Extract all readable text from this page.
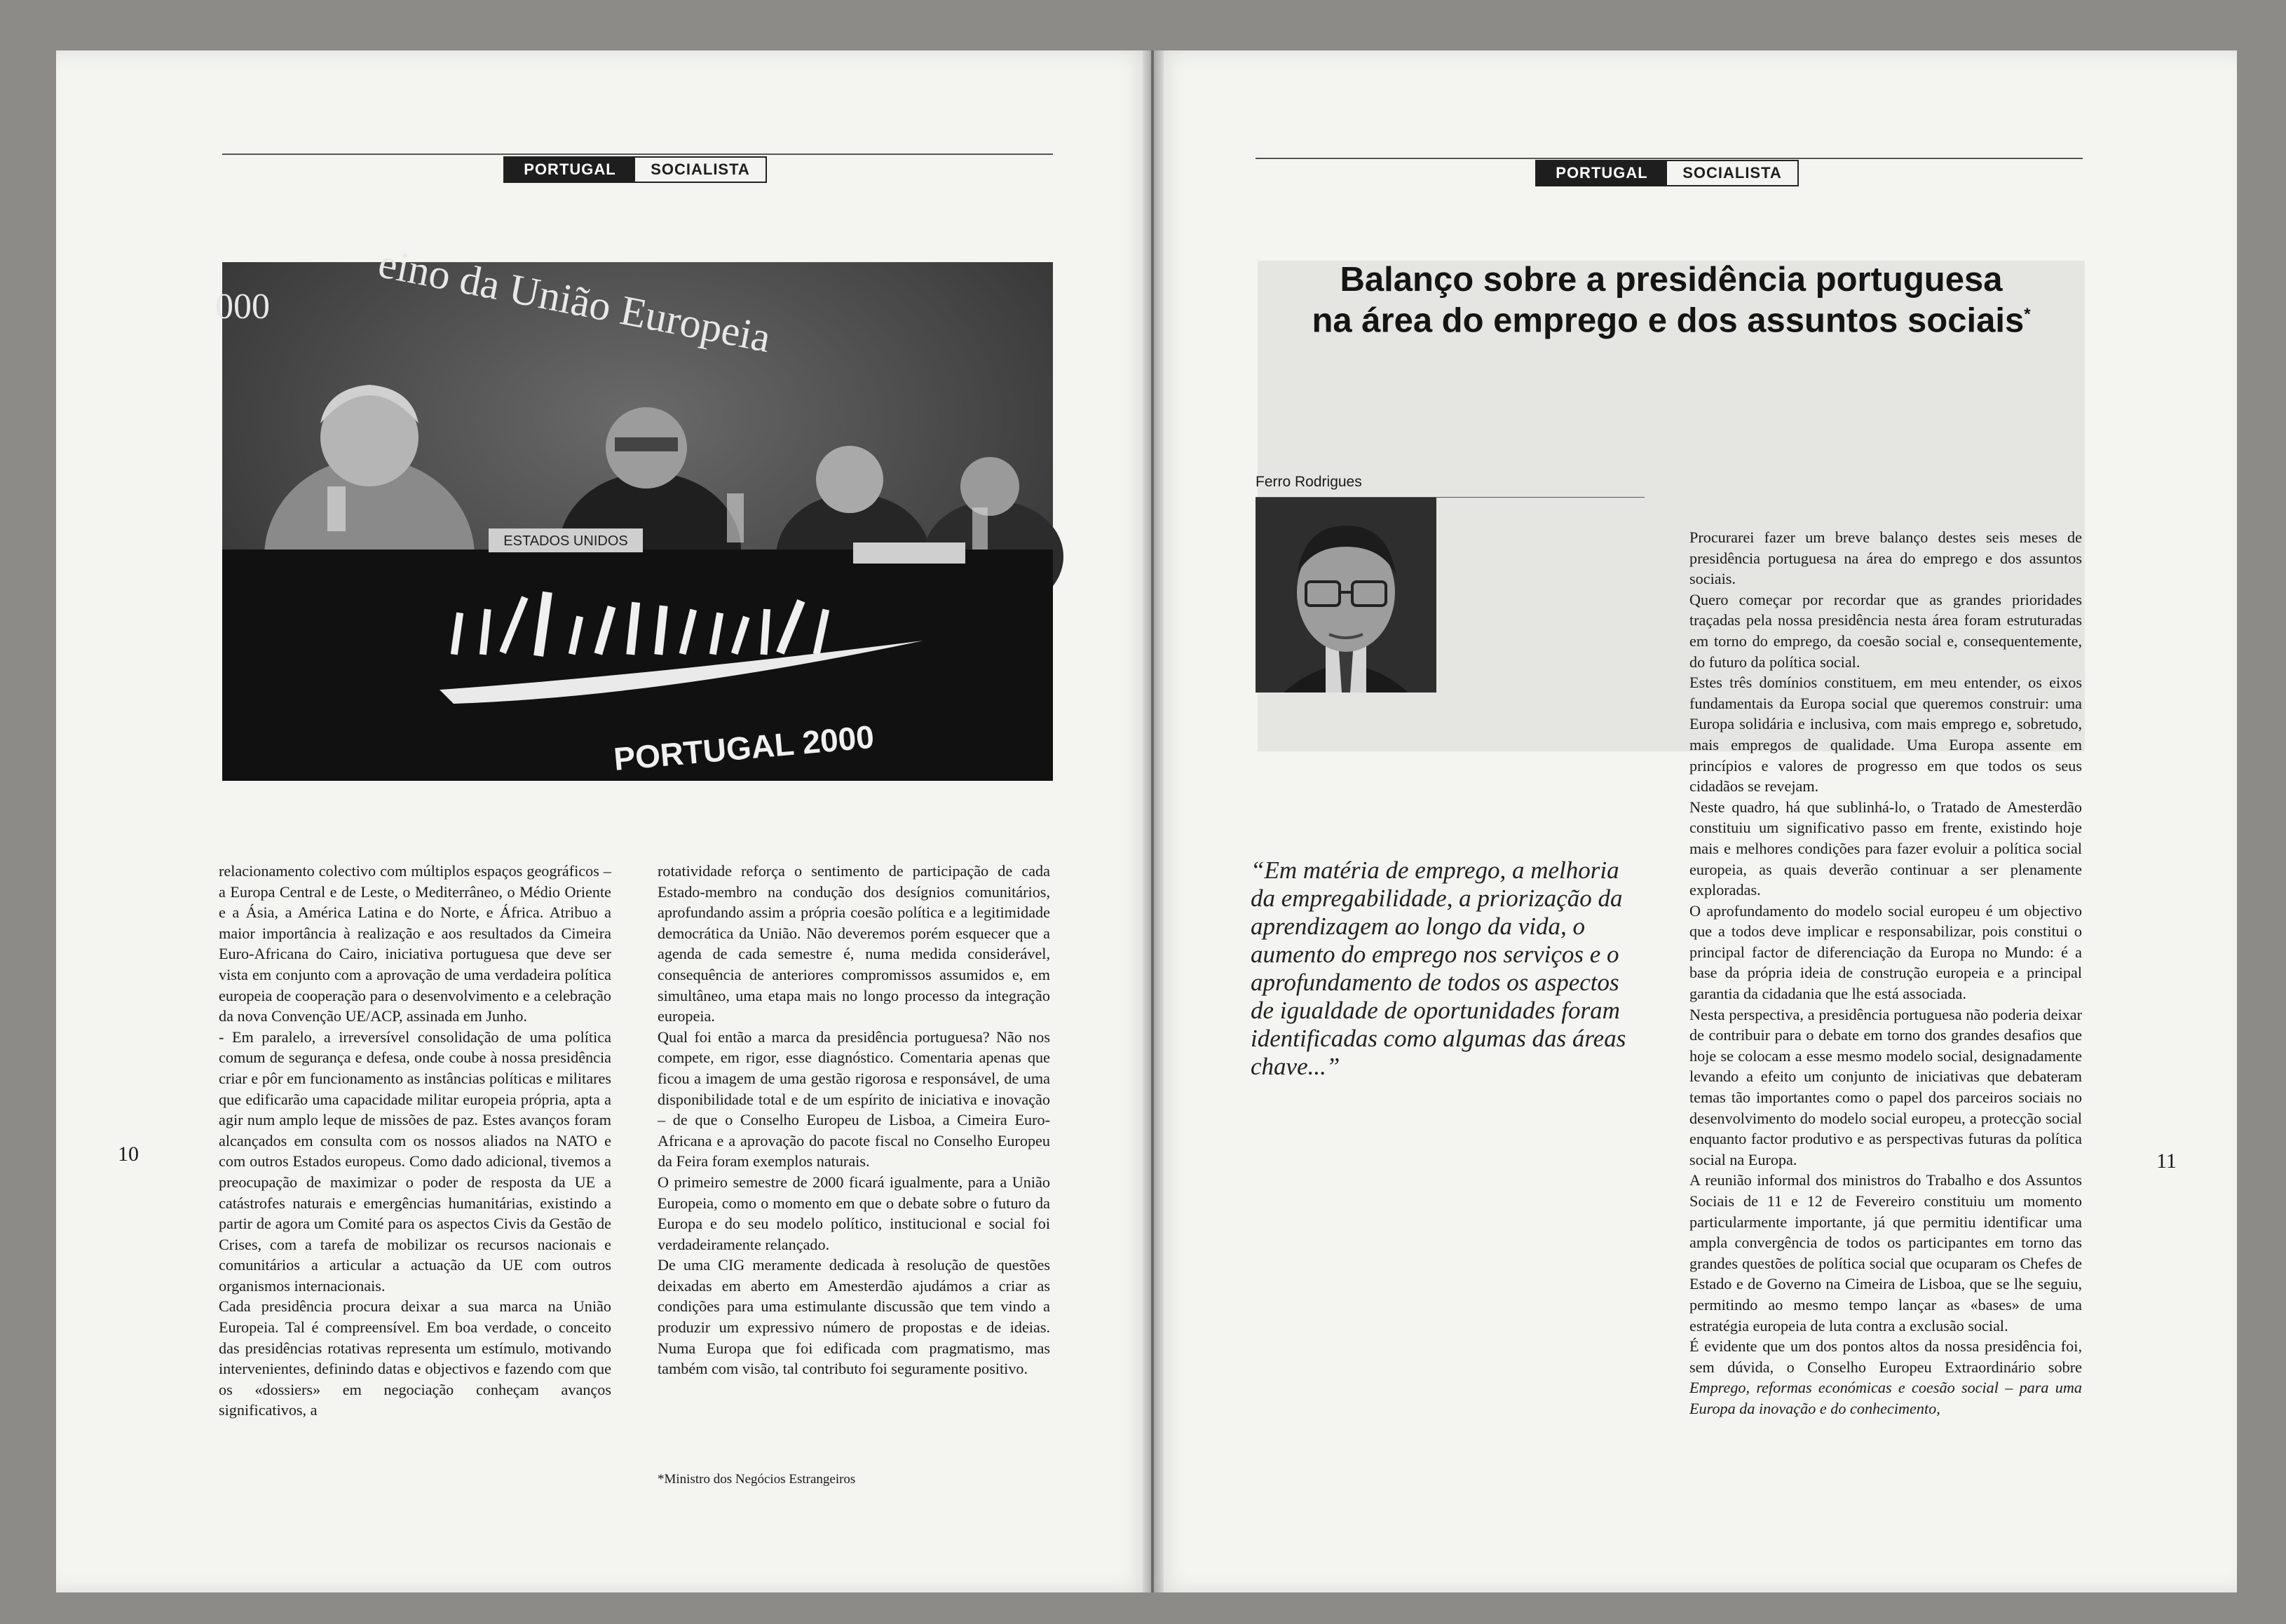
PORTUGAL	SOCIALISTA
000 eino da União Europeia
ESTADOS UNIDOS
PORTUGAL 2000

relacionamento colectivo com múltiplos espaços geográficos – a Europa Central e de Leste, o Mediterrâneo, o Médio Oriente e a Ásia, a América Latina e do Norte, e África. Atribuo a maior importância à realização e aos resultados da Cimeira Euro-Africana do Cairo, iniciativa portuguesa que deve ser vista em conjunto com a aprovação de uma verdadeira política europeia de cooperação para o desenvolvimento e a celebração da nova Convenção UE/ACP, assinada em Junho.

- Em paralelo, a irreversível consolidação de uma política comum de segurança e defesa, onde coube à nossa presidência criar e pôr em funcionamento as instâncias políticas e militares que edificarão uma capacidade militar europeia própria, apta a agir num amplo leque de missões de paz. Estes avanços foram alcançados em consulta com os nossos aliados na NATO e com outros Estados europeus. Como dado adicional, tivemos a preocupação de maximizar o poder de resposta da UE a catástrofes naturais e emergências humanitárias, existindo a partir de agora um Comité para os aspectos Civis da Gestão de Crises, com a tarefa de mobilizar os recursos nacionais e comunitários a articular a actuação da UE com outros organismos internacionais.

Cada presidência procura deixar a sua marca na União Europeia. Tal é compreensível. Em boa verdade, o conceito das presidências rotativas representa um estímulo, motivando intervenientes, definindo datas e objectivos e fazendo com que os «dossiers» em negociação conheçam avanços significativos, a

rotatividade reforça o sentimento de participação de cada Estado-membro na condução dos desígnios comunitários, aprofundando assim a própria coesão política e a legitimidade democrática da União. Não deveremos porém esquecer que a agenda de cada semestre é, numa medida considerável, consequência de anteriores compromissos assumidos e, em simultâneo, uma etapa mais no longo processo da integração europeia.

Qual foi então a marca da presidência portuguesa? Não nos compete, em rigor, esse diagnóstico. Comentaria apenas que ficou a imagem de uma gestão rigorosa e responsável, de uma disponibilidade total e de um espírito de iniciativa e inovação – de que o Conselho Europeu de Lisboa, a Cimeira Euro-Africana e a aprovação do pacote fiscal no Conselho Europeu da Feira foram exemplos naturais.

O primeiro semestre de 2000 ficará igualmente, para a União Europeia, como o momento em que o debate sobre o futuro da Europa e do seu modelo político, institucional e social foi verdadeiramente relançado.

De uma CIG meramente dedicada à resolução de questões deixadas em aberto em Amesterdão ajudámos a criar as condições para uma estimulante discussão que tem vindo a produzir um expressivo número de propostas e de ideias. Numa Europa que foi edificada com pragmatismo, mas também com visão, tal contributo foi seguramente positivo.

*Ministro dos Negócios Estrangeiros
10
PORTUGAL	SOCIALISTA
Balanço sobre a presidência portuguesa
na área do emprego e dos assuntos sociais*
Ferro Rodrigues
“Em matéria de emprego, a melhoria da empregabilidade, a priorização da aprendizagem ao longo da vida, o aumento do emprego nos serviços e o aprofundamento de todos os aspectos de igualdade de oportunidades foram identificadas como algumas das áreas chave...”

Procurarei fazer um breve balanço destes seis meses de presidência portuguesa na área do emprego e dos assuntos sociais.

Quero começar por recordar que as grandes prioridades traçadas pela nossa presidência nesta área foram estruturadas em torno do emprego, da coesão social e, consequentemente, do futuro da política social.

Estes três domínios constituem, em meu entender, os eixos fundamentais da Europa social que queremos construir: uma Europa solidária e inclusiva, com mais emprego e, sobretudo, mais empregos de qualidade. Uma Europa assente em princípios e valores de progresso em que todos os seus cidadãos se revejam.

Neste quadro, há que sublinhá-lo, o Tratado de Amesterdão constituiu um significativo passo em frente, existindo hoje mais e melhores condições para fazer evoluir a política social europeia, as quais deverão continuar a ser plenamente exploradas.

O aprofundamento do modelo social europeu é um objectivo que a todos deve implicar e responsabilizar, pois constitui o principal factor de diferenciação da Europa no Mundo: é a base da própria ideia de construção europeia e a principal garantia da cidadania que lhe está associada.

Nesta perspectiva, a presidência portuguesa não poderia deixar de contribuir para o debate em torno dos grandes desafios que hoje se colocam a esse mesmo modelo social, designadamente levando a efeito um conjunto de iniciativas que debateram temas tão importantes como o papel dos parceiros sociais no desenvolvimento do modelo social europeu, a protecção social enquanto factor produtivo e as perspectivas futuras da política social na Europa.

A reunião informal dos ministros do Trabalho e dos Assuntos Sociais de 11 e 12 de Fevereiro constituiu um momento particularmente importante, já que permitiu identificar uma ampla convergência de todos os participantes em torno das grandes questões de política social que ocuparam os Chefes de Estado e de Governo na Cimeira de Lisboa, que se lhe seguiu, permitindo ao mesmo tempo lançar as «bases» de uma estratégia europeia de luta contra a exclusão social.

É evidente que um dos pontos altos da nossa presidência foi, sem dúvida, o Conselho Europeu Extraordinário sobre Emprego, reformas económicas e coesão social – para uma Europa da inovação e do conhecimento,

11
